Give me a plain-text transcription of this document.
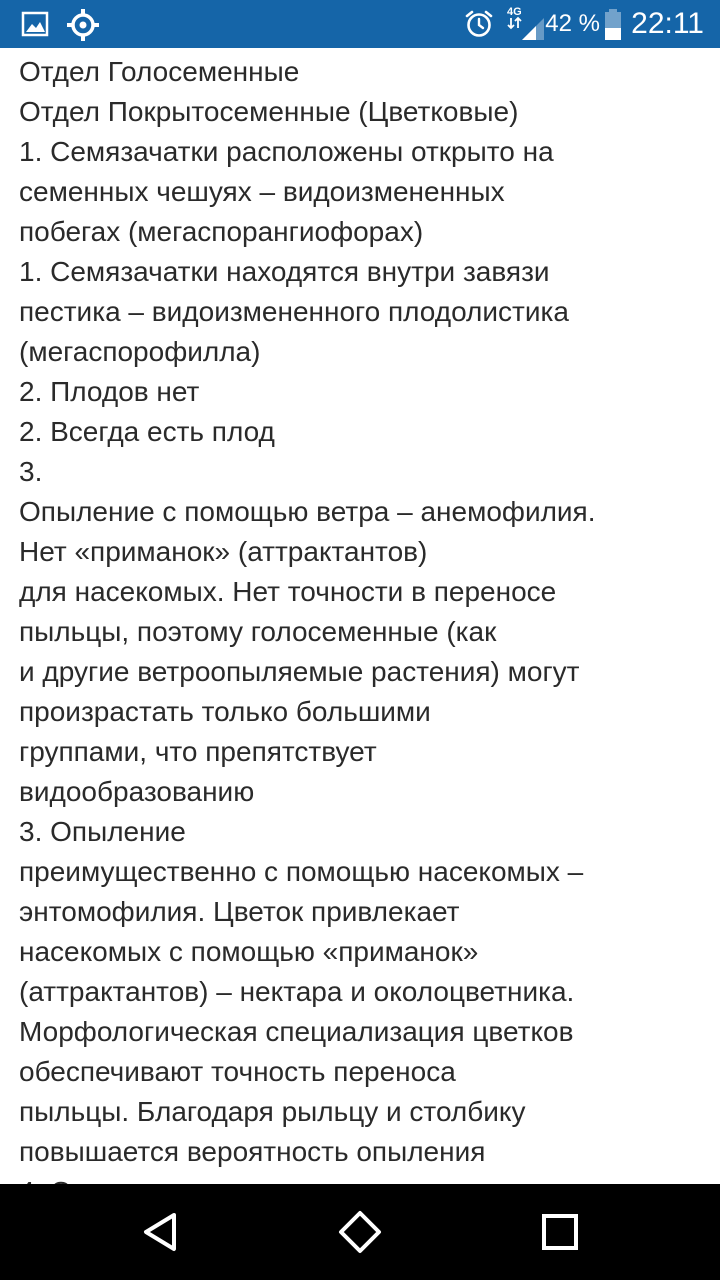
4G 42 % 22:11
Отдел Голосеменные
Отдел Покрытосеменные (Цветковые)
1. Семязачатки расположены открыто на
семенных чешуях – видоизмененных
побегах (мегаспорангиофорах)
1. Семязачатки находятся внутри завязи
пестика – видоизмененного плодолистика
(мегаспорофилла)
2. Плодов нет
2. Всегда есть плод
3.
Опыление с помощью ветра – анемофилия.
Нет «приманок» (аттрактантов)
для насекомых. Нет точности в переносе
пыльцы, поэтому голосеменные (как
и другие ветроопыляемые растения) могут
произрастать только большими
группами, что препятствует
видообразованию
3. Опыление
преимущественно с помощью насекомых –
энтомофилия. Цветок привлекает
насекомых с помощью «приманок»
(аттрактантов) – нектара и околоцветника.
Морфологическая специализация цветков
обеспечивают точность переноса
пыльцы. Благодаря рыльцу и столбику
повышается вероятность опыления
